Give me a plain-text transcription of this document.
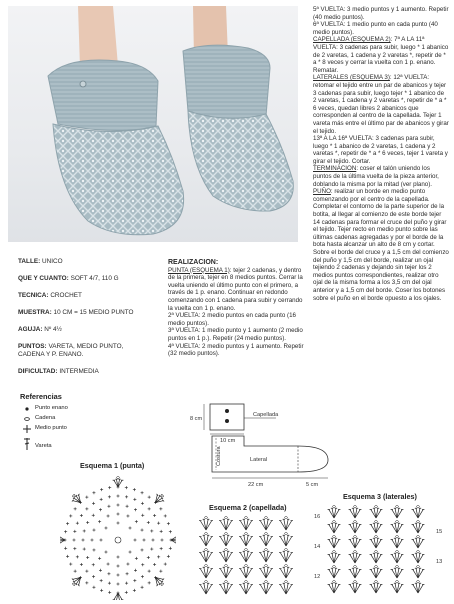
5ª VUELTA: 3 medio puntos y 1 aumento. Repetir (40 medio puntos).

6ª VUELTA: 1 medio punto en cada punto (40 medio puntos).

CAPELLADA (ESQUEMA 2): 7ª A LA 11ª VUELTA: 3 cadenas para subir, luego * 1 abanico de 2 varetas, 1 cadena y 2 varetas *, repetir de * a * 8 veces y cerrar la vuelta con 1 p. enano. Rematar.

LATERALES (ESQUEMA 3): 12ª VUELTA: retomar el tejido entre un par de abanicos y tejer 3 cadenas para subir, luego tejer * 1 abanico de 2 varetas, 1 cadena y 2 varetas *, repetir de * a * 6 veces, quedan libres 2 abanicos que corresponden al centro de la capellada. Tejer 1 vareta más entre el último par de abanicos y girar el tejido.

13ª A LA 16ª VUELTA: 3 cadenas para subir, luego * 1 abanico de 2 varetas, 1 cadena y 2 varetas *, repetir de * a * 6 veces, tejer 1 vareta y girar el tejido. Cortar.

TERMINACION: coser el talón uniendo los puntos de la última vuelta de la pieza anterior, doblando la misma por la mitad (ver plano).

PUÑO: realizar un borde en medio punto comenzando por el centro de la capellada. Completar el contorno de la parte superior de la botita, al llegar al comienzo de este borde tejer 14 cadenas para formar el cruce del puño y girar el tejido. Tejer recto en medio punto sobre las últimas cadenas agregadas y por el borde de la bota hasta alcanzar un alto de 8 cm y cortar. Sobre el borde del cruce y a 1,5 cm del comienzo del puño y 1,5 cm del borde, realizar un ojal tejiendo 2 cadenas y dejando sin tejer los 2 medios puntos correspondientes, realizar otro ojal de la misma forma a los 3,5 cm del ojal anterior y a 1,5 cm del borde. Coser los botones sobre el puño en el borde opuesto a los ojales.

TALLE: UNICO
QUE Y CUANTO: SOFT 4/7, 110 G
TECNICA: CROCHET
MUESTRA: 10 CM = 15 MEDIO PUNTO
AGUJA: Nº 4½
PUNTOS: VARETA, MEDIO PUNTO, CADENA Y P. ENANO.
DIFICULTAD: INTERMEDIA

REALIZACION:

PUNTA (ESQUEMA 1): tejer 2 cadenas, y dentro de la primera, tejer en 8 medios puntos. Cerrar la vuelta uniendo el último punto con el primero, a través de 1 p. enano. Continuar en redondo comenzando con 1 cadena para subir y cerrando la vuelta con 1 p. enano.

2ª VUELTA: 2 medio puntos en cada punto (16 medio puntos).

3ª VUELTA: 1 medio punto y 1 aumento (2 medio puntos en 1 p.). Repetir (24 medio puntos).

4ª VUELTA: 2 medio puntos y 1 aumento. Repetir (32 medio puntos).

Referencias
Punto enano
Cadena
Medio punto
Vareta
Capellada
8 cm
10 cm
Costura	Lateral
22 cm	5 cm
Esquema 1 (punta)
Esquema 2 (capellada)
Esquema 3 (laterales)
16
14
12
15
13
